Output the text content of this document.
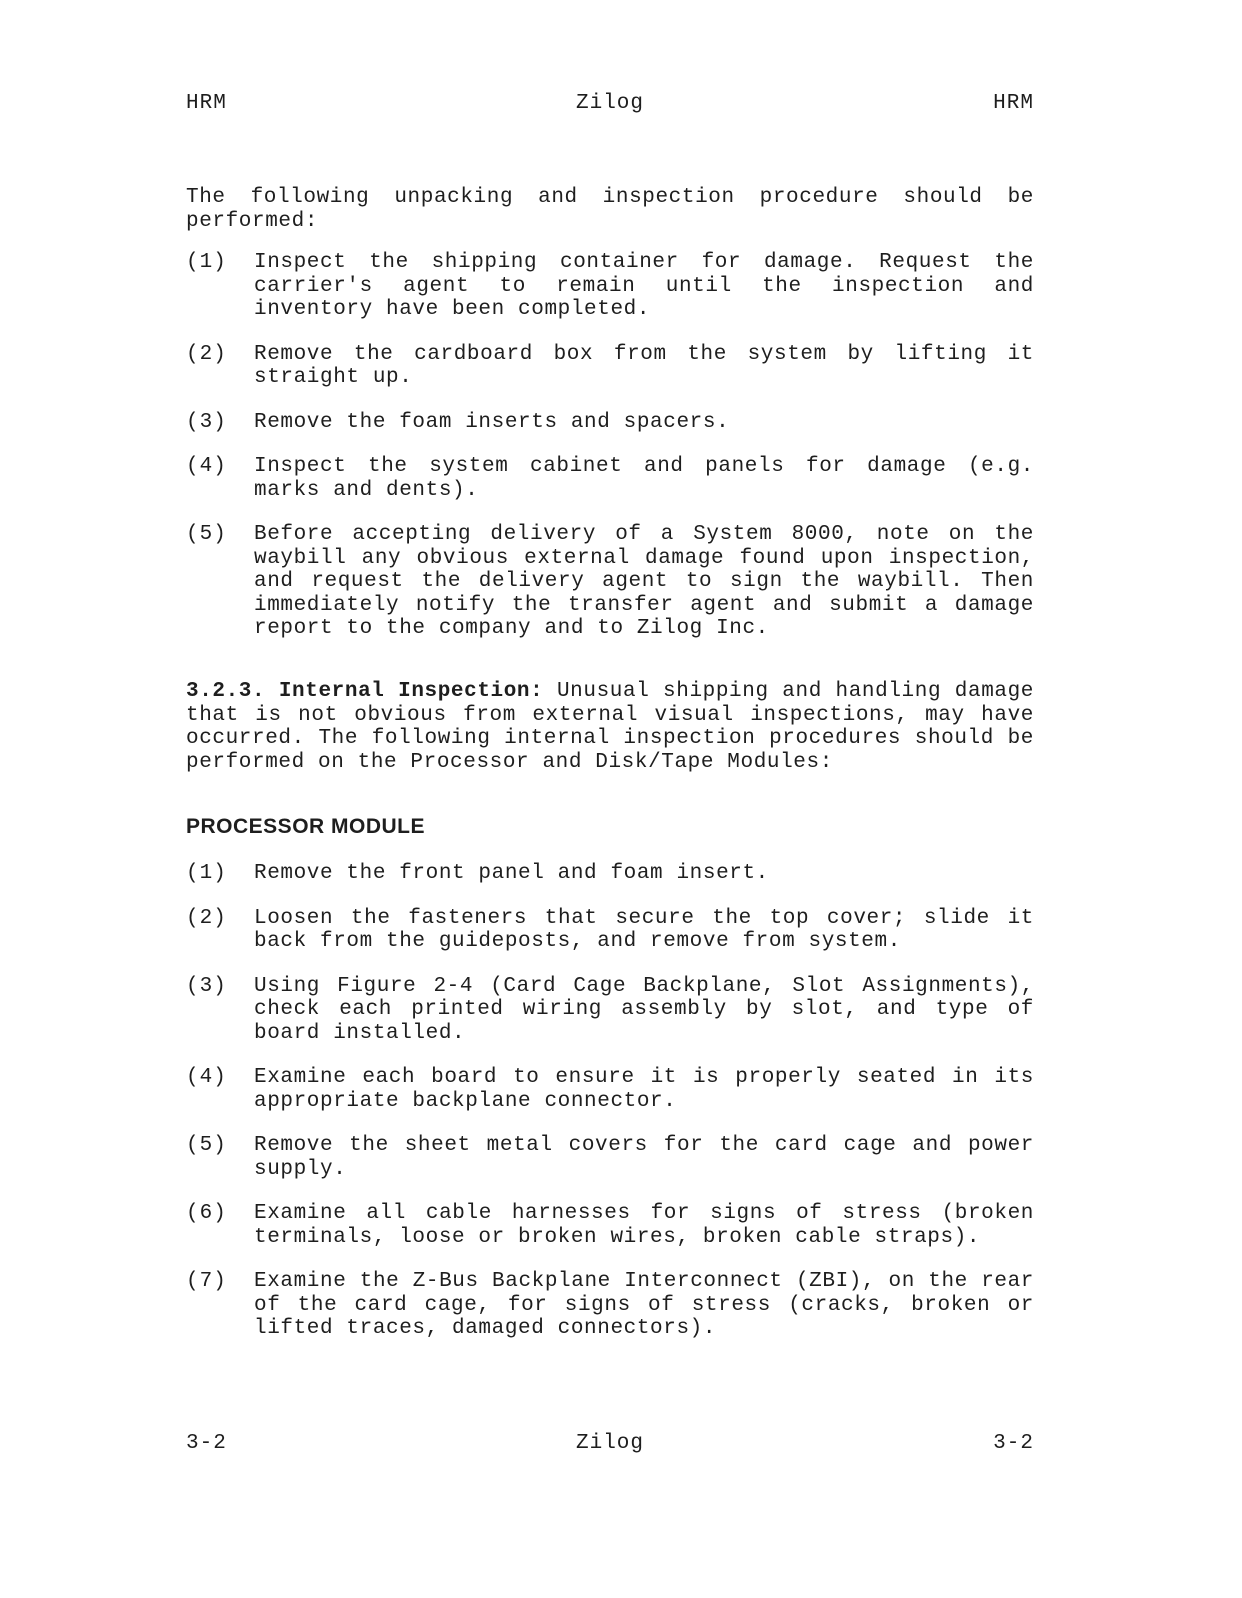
HRM	Zilog	HRM

The following unpacking and inspection procedure should be performed:

(1)	Inspect the shipping container for damage. Request the carrier's agent to remain until the inspection and inventory have been completed.
(2)	Remove the cardboard box from the system by lifting it straight up.
(3)	Remove the foam inserts and spacers.
(4)	Inspect the system cabinet and panels for damage (e.g. marks and dents).
(5)	Before accepting delivery of a System 8000, note on the waybill any obvious external damage found upon inspection, and request the delivery agent to sign the waybill. Then immediately notify the transfer agent and submit a damage report to the company and to Zilog Inc.
3.2.3. Internal Inspection: Unusual shipping and handling damage that is not obvious from external visual inspections, may have occurred. The following internal inspection procedures should be performed on the Processor and Disk/Tape Modules:
PROCESSOR MODULE
(1)	Remove the front panel and foam insert.
(2)	Loosen the fasteners that secure the top cover; slide it back from the guideposts, and remove from system.
(3)	Using Figure 2-4 (Card Cage Backplane, Slot Assignments), check each printed wiring assembly by slot, and type of board installed.
(4)	Examine each board to ensure it is properly seated in its appropriate backplane connector.
(5)	Remove the sheet metal covers for the card cage and power supply.
(6)	Examine all cable harnesses for signs of stress (broken terminals, loose or broken wires, broken cable straps).
(7)	Examine the Z-Bus Backplane Interconnect (ZBI), on the rear of the card cage, for signs of stress (cracks, broken or lifted traces, damaged connectors).
3-2	Zilog	3-2
